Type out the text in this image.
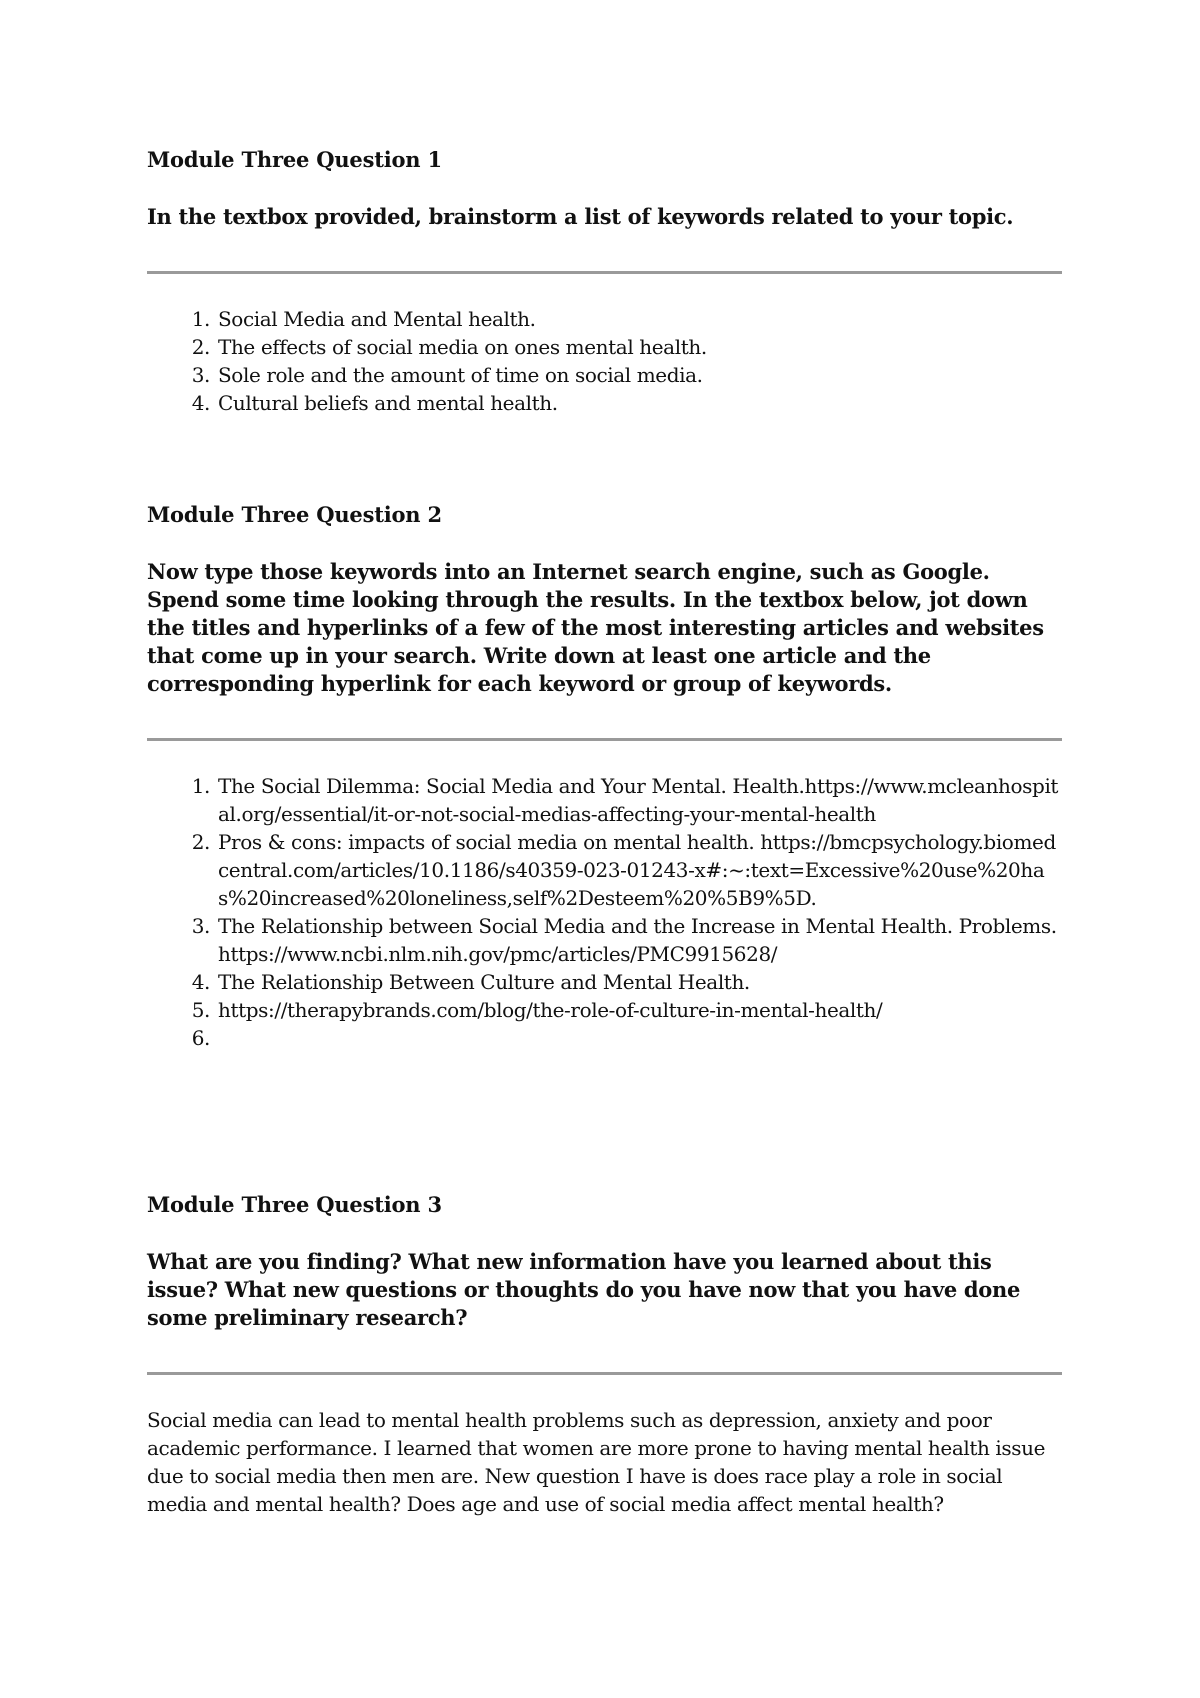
Module Three Question 1

In the textbox provided, brainstorm a list of keywords related to your topic.

Social Media and Mental health.
The effects of social media on ones mental health.
Sole role and the amount of time on social media.
Cultural beliefs and mental health.
Module Three Question 2

Now type those keywords into an Internet search engine, such as Google. Spend some time looking through the results. In the textbox below, jot down the titles and hyperlinks of a few of the most interesting articles and websites that come up in your search. Write down at least one article and the corresponding hyperlink for each keyword or group of keywords.

The Social Dilemma: Social Media and Your Mental. Health.https://www.mcleanhospital.org/essential/it-or-not-social-medias-affecting-your-mental-health
Pros & cons: impacts of social media on mental health. https://bmcpsychology.biomedcentral.com/articles/10.1186/s40359-023-01243-x#:~:text=Excessive%20use%20has%20increased%20loneliness,self%2Desteem%20%5B9%5D.
The Relationship between Social Media and the Increase in Mental Health. Problems.https://www.ncbi.nlm.nih.gov/pmc/articles/PMC9915628/
The Relationship Between Culture and Mental Health.
https://therapybrands.com/blog/the-role-of-culture-in-mental-health/

Module Three Question 3

What are you finding? What new information have you learned about this issue? What new questions or thoughts do you have now that you have done some preliminary research?

Social media can lead to mental health problems such as depression, anxiety and poor academic performance. I learned that women are more prone to having mental health issue due to social media then men are. New question I have is does race play a role in social media and mental health? Does age and use of social media affect mental health?
